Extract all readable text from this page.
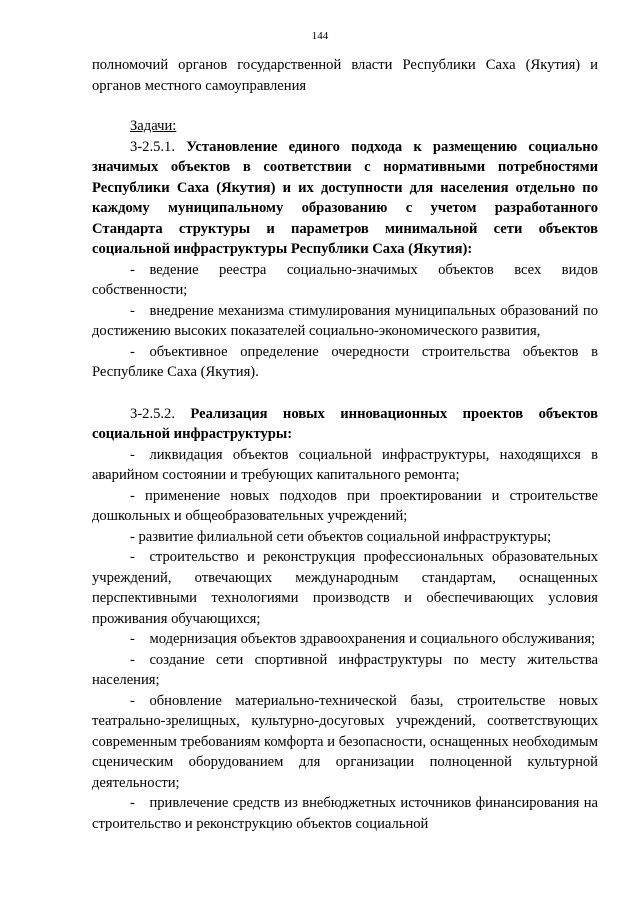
144

полномочий органов государственной власти Республики Саха (Якутия) и органов местного самоуправления

Задачи:

3-2.5.1. Установление единого подхода к размещению социально значимых объектов в соответствии с нормативными потребностями Республики Саха (Якутия) и их доступности для населения отдельно по каждому муниципальному образованию с учетом разработанного Стандарта структуры и параметров минимальной сети объектов социальной инфраструктуры Республики Саха (Якутия):

- ведение реестра социально-значимых объектов всех видов собственности;

- внедрение механизма стимулирования муниципальных образований по достижению высоких показателей социально-экономического развития,

- объективное определение очередности строительства объектов в Республике Саха (Якутия).

3-2.5.2. Реализация новых инновационных проектов объектов социальной инфраструктуры:

- ликвидация объектов социальной инфраструктуры, находящихся в аварийном состоянии и требующих капитального ремонта;

- применение новых подходов при проектировании и строительстве дошкольных и общеобразовательных учреждений;

- развитие филиальной сети объектов социальной инфраструктуры;

- строительство и реконструкция профессиональных образовательных учреждений, отвечающих международным стандартам, оснащенных перспективными технологиями производств и обеспечивающих условия проживания обучающихся;

- модернизация объектов здравоохранения и социального обслуживания;

- создание сети спортивной инфраструктуры по месту жительства населения;

- обновление материально-технической базы, строительстве новых театрально-зрелищных, культурно-досуговых учреждений, соответствующих современным требованиям комфорта и безопасности, оснащенных необходимым сценическим оборудованием для организации полноценной культурной деятельности;

- привлечение средств из внебюджетных источников финансирования на строительство и реконструкцию объектов социальной
